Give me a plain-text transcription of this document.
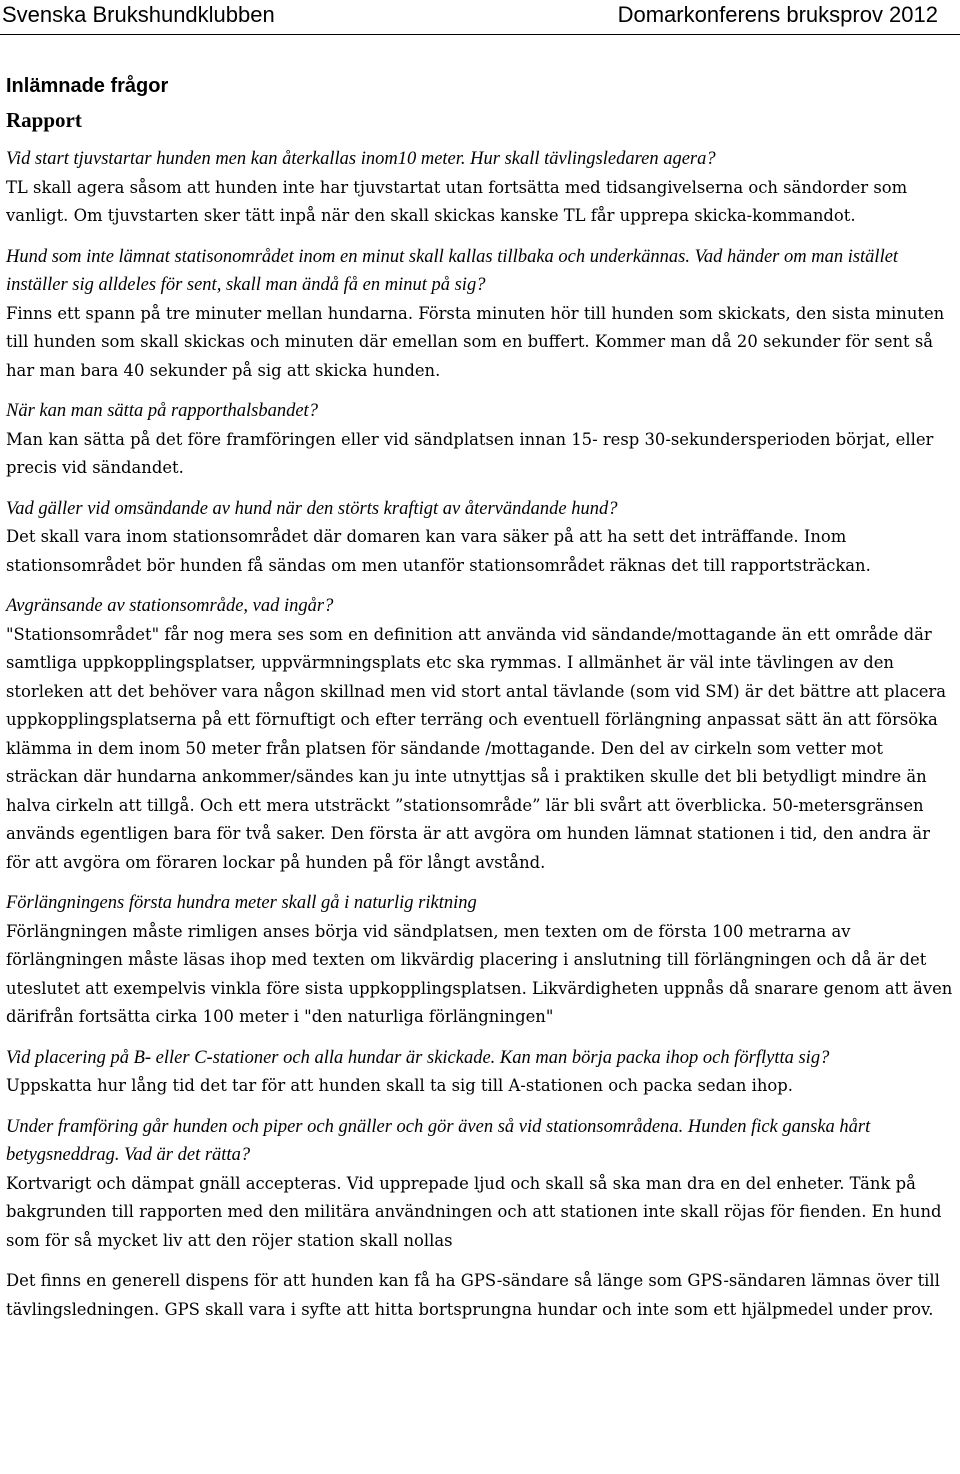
Svenska Brukshundklubben	Domarkonferens bruksprov 2012
Inlämnade frågor
Rapport

Vid start tjuvstartar hunden men kan återkallas inom10 meter. Hur skall tävlingsledaren agera?

TL skall agera såsom att hunden inte har tjuvstartat utan fortsätta med tidsangivelserna och sändorder som vanligt. Om tjuvstarten sker tätt inpå när den skall skickas kanske TL får upprepa skicka-kommandot.

Hund som inte lämnat statisonområdet inom en minut skall kallas tillbaka och underkännas. Vad händer om man istället inställer sig alldeles för sent, skall man ändå få en minut på sig?

Finns ett spann på tre minuter mellan hundarna. Första minuten hör till hunden som skickats, den sista minuten till hunden som skall skickas och minuten där emellan som en buffert. Kommer man då 20 sekunder för sent så har man bara 40 sekunder på sig att skicka hunden.

När kan man sätta på rapporthalsbandet?

Man kan sätta på det före framföringen eller vid sändplatsen innan 15- resp 30-sekundersperioden börjat, eller precis vid sändandet.

Vad gäller vid omsändande av hund när den störts kraftigt av återvändande hund?

Det skall vara inom stationsområdet där domaren kan vara säker på att ha sett det inträffande. Inom stationsområdet bör hunden få sändas om men utanför stationsområdet räknas det till rapportsträckan.

Avgränsande av stationsområde, vad ingår?

"Stationsområdet" får nog mera ses som en definition att använda vid sändande/mottagande än ett område där samtliga uppkopplingsplatser, uppvärmningsplats etc ska rymmas. I allmänhet är väl inte tävlingen av den storleken att det behöver vara någon skillnad men vid stort antal tävlande (som vid SM) är det bättre att placera uppkopplingsplatserna på ett förnuftigt och efter terräng och eventuell förlängning anpassat sätt än att försöka klämma in dem inom 50 meter från platsen för sändande /mottagande. Den del av cirkeln som vetter mot sträckan där hundarna ankommer/sändes kan ju inte utnyttjas så i praktiken skulle det bli betydligt mindre än halva cirkeln att tillgå. Och ett mera utsträckt ”stationsområde” lär bli svårt att överblicka. 50-metersgränsen används egentligen bara för två saker. Den första är att avgöra om hunden lämnat stationen i tid, den andra är för att avgöra om föraren lockar på hunden på för långt avstånd.

Förlängningens första hundra meter skall gå i naturlig riktning

Förlängningen måste rimligen anses börja vid sändplatsen, men texten om de första 100 metrarna av förlängningen måste läsas ihop med texten om likvärdig placering i anslutning till förlängningen och då är det uteslutet att exempelvis vinkla före sista uppkopplingsplatsen. Likvärdigheten uppnås då snarare genom att även därifrån fortsätta cirka 100 meter i "den naturliga förlängningen"

Vid placering på B- eller C-stationer och alla hundar är skickade. Kan man börja packa ihop och förflytta sig?

Uppskatta hur lång tid det tar för att hunden skall ta sig till A-stationen och packa sedan ihop.

Under framföring går hunden och piper och gnäller och gör även så vid stationsområdena. Hunden fick ganska hårt betygsneddrag. Vad är det rätta?

Kortvarigt och dämpat gnäll accepteras. Vid upprepade ljud och skall så ska man dra en del enheter. Tänk på bakgrunden till rapporten med den militära användningen och att stationen inte skall röjas för fienden. En hund som för så mycket liv att den röjer station skall nollas

Det finns en generell dispens för att hunden kan få ha GPS-sändare så länge som GPS-sändaren lämnas över till tävlingsledningen. GPS skall vara i syfte att hitta bortsprungna hundar och inte som ett hjälpmedel under prov.
